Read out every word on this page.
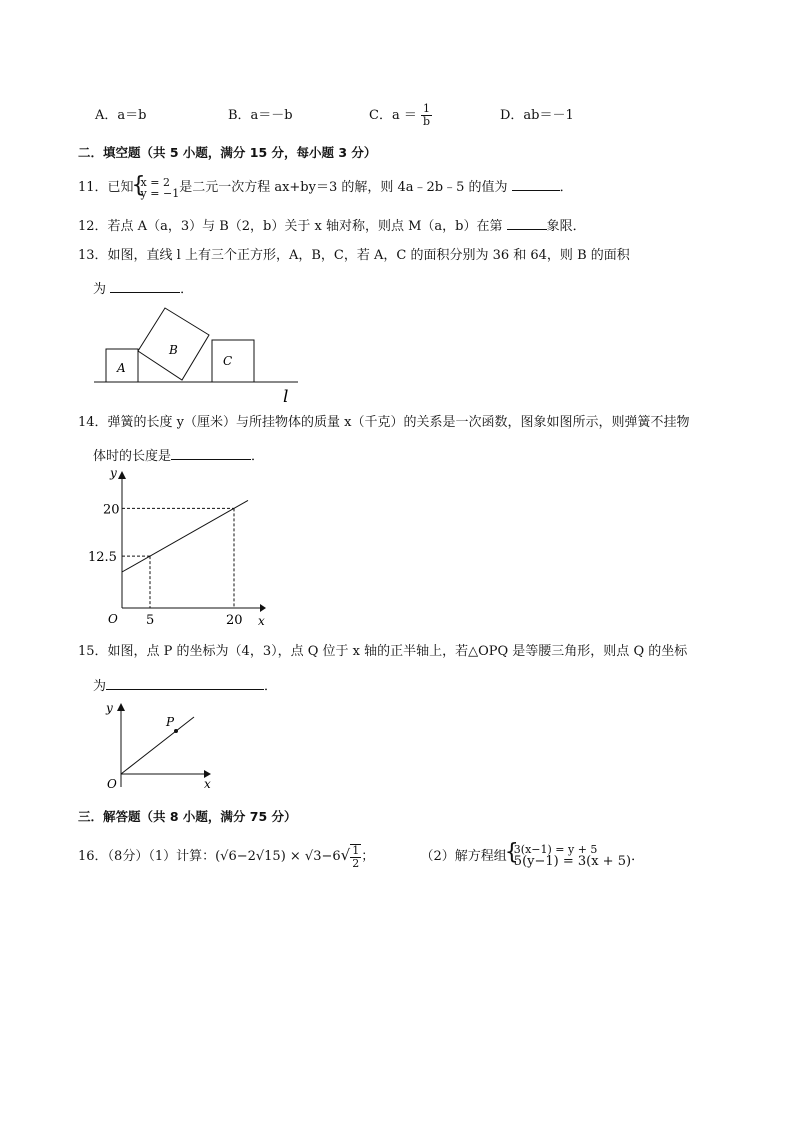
A．a＝b	B．a＝－b	C．$a = \frac{1}{b}$	D．ab＝－1
二．填空题（共 5 小题，满分 15 分，每小题 3 分）
11．已知 { x = 2
y = −1 是二元一次方程 ax+by＝3 的解，则 4a﹣2b﹣5 的值为	．
12．若点 A（a，3）与 B（2，b）关于 x 轴对称，则点 M（a，b）在第	象限．
13．如图，直线 l 上有三个正方形，A，B，C，若 A，C 的面积分别为 36 和 64，则 B 的面积
为	．
A
B
C
l
14．弹簧的长度 y（厘米）与所挂物体的质量 x（千克）的关系是一次函数，图象如图所示，则弹簧不挂物
体时的长度是	．
y
x
O 5	20
20
12.5
15．如图，点 P 的坐标为（4，3），点 Q 位于 x 轴的正半轴上，若△OPQ 是等腰三角形，则点 Q 的坐标
为	．
y
x
O
P
三．解答题（共 8 小题，满分 75 分）
16．（8分）（1）计算：$(√6-2√15) \times √3-6√ \frac{1}{2}$ ；	（2）解方程组 { 3(x−1) = y + 5
5(y−1) = 3(x + 5) ．
